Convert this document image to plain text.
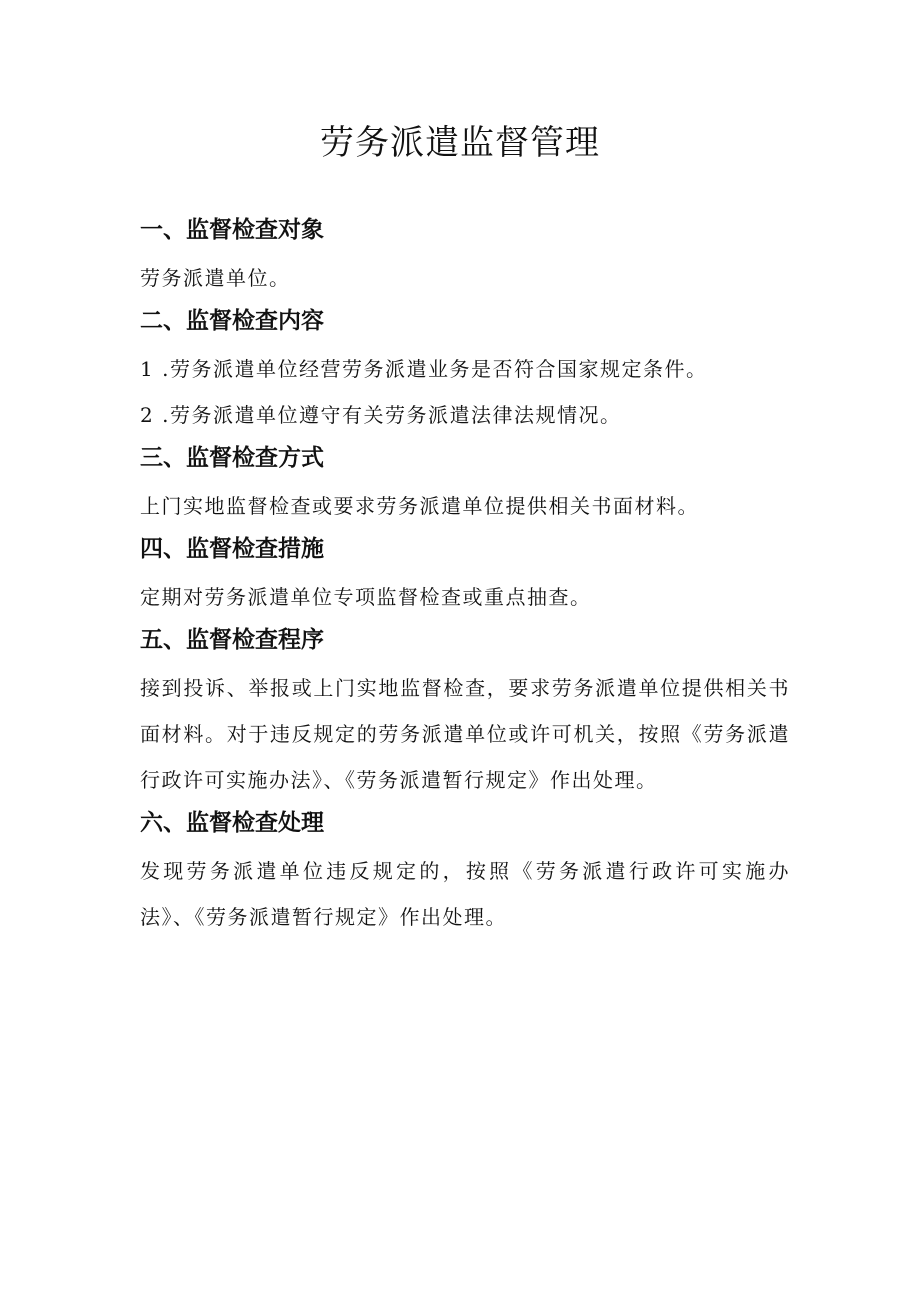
劳务派遣监督管理
一、监督检查对象

劳务派遣单位。

二、监督检查内容

1 .劳务派遣单位经营劳务派遣业务是否符合国家规定条件。

2 .劳务派遣单位遵守有关劳务派遣法律法规情况。

三、监督检查方式

上门实地监督检查或要求劳务派遣单位提供相关书面材料。

四、监督检查措施

定期对劳务派遣单位专项监督检查或重点抽查。

五、监督检查程序

接到投诉、举报或上门实地监督检查，要求劳务派遣单位提供相关书面材料。对于违反规定的劳务派遣单位或许可机关，按照《劳务派遣行政许可实施办法》、《劳务派遣暂行规定》作出处理。

六、监督检查处理

发现劳务派遣单位违反规定的，按照《劳务派遣行政许可实施办法》、《劳务派遣暂行规定》作出处理。
